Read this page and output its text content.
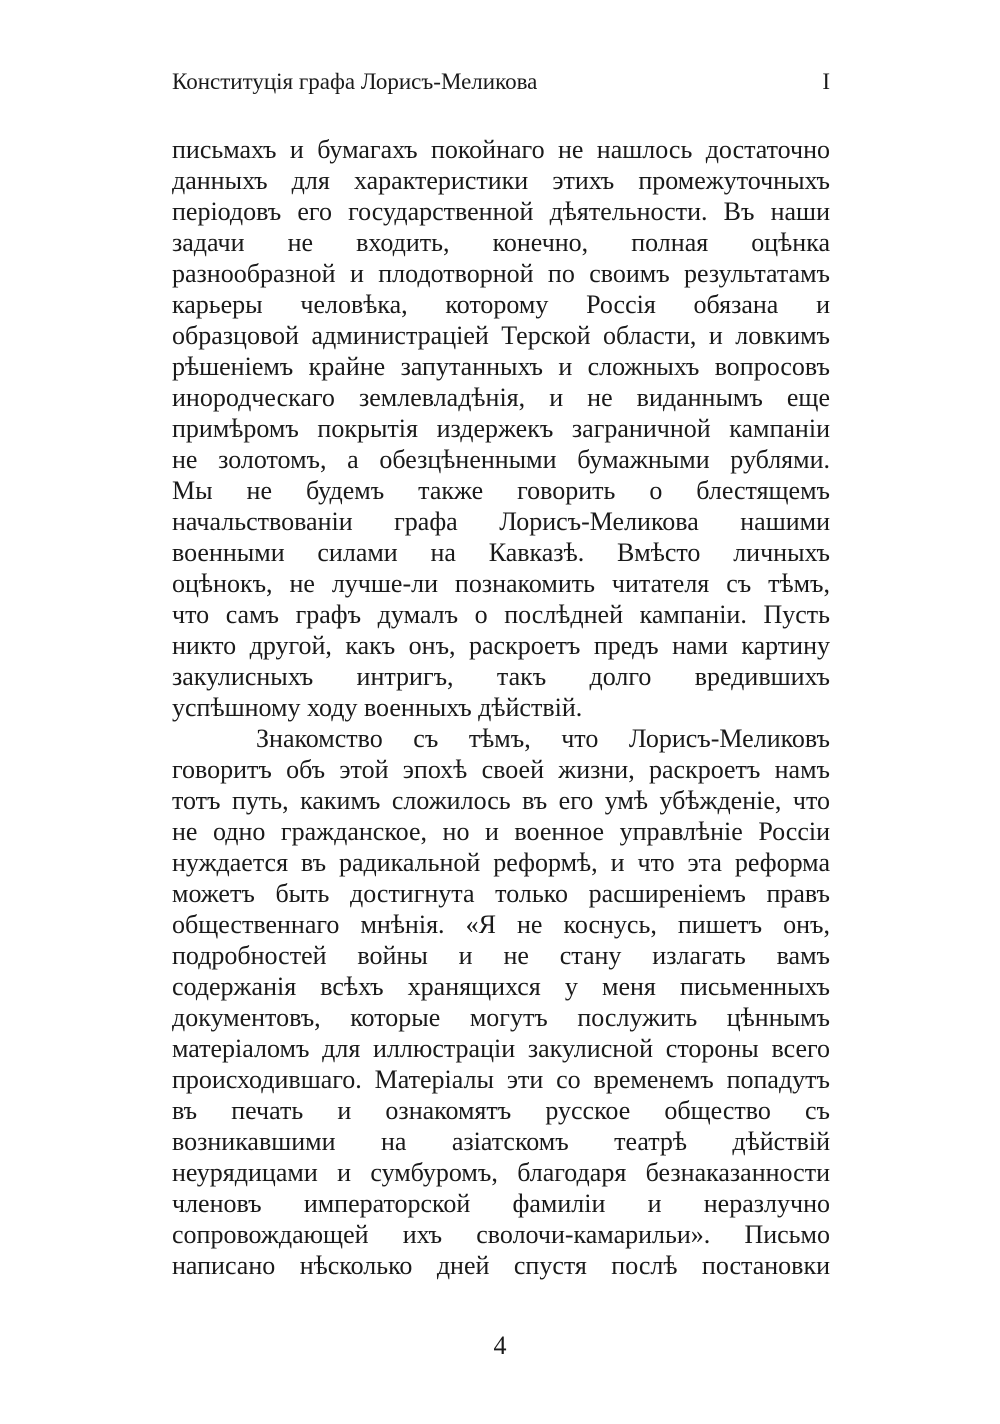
Конституція графа Лорисъ-Меликова	I
письмахъ и бумагахъ покойнаго не нашлось достаточно
данныхъ для характеристики этихъ промежуточныхъ
періодовъ его государственной дѣятельности. Въ наши
задачи не входить, конечно, полная оцѣнка
разнообразной и плодотворной по своимъ результатамъ
карьеры человѣка, которому Россія обязана и
образцовой администраціей Терской области, и ловкимъ
рѣшеніемъ крайне запутанныхъ и сложныхъ вопросовъ
инородческаго землевладѣнія, и не виданнымъ еще
примѣромъ покрытія издержекъ заграничной кампаніи
не золотомъ, а обезцѣненными бумажными рублями.
Мы не будемъ также говорить о блестящемъ
начальствованіи графа Лорисъ-Меликова нашими
военными силами на Кавказѣ. Вмѣсто личныхъ
оцѣнокъ, не лучше-ли познакомить читателя съ тѣмъ,
что самъ графъ думалъ о послѣдней кампаніи. Пусть
никто другой, какъ онъ, раскроетъ предъ нами картину
закулисныхъ интригъ, такъ долго вредившихъ
успѣшному ходу военныхъ дѣйствій.
Знакомство съ тѣмъ, что Лорисъ-Меликовъ
говоритъ объ этой эпохѣ своей жизни, раскроетъ намъ
тотъ путь, какимъ сложилось въ его умѣ убѣжденіе, что
не одно гражданское, но и военное управлѣніе Россіи
нуждается въ радикальной реформѣ, и что эта реформа
можетъ быть достигнута только расширеніемъ правъ
общественнаго мнѣнія. «Я не коснусь, пишетъ онъ,
подробностей войны и не стану излагать вамъ
содержанія всѣхъ хранящихся у меня письменныхъ
документовъ, которые могутъ послужить цѣннымъ
матеріаломъ для иллюстраціи закулисной стороны всего
происходившаго. Матеріалы эти со временемъ попадутъ
въ печать и ознакомятъ русское общество съ
возникавшими на азіатскомъ театрѣ дѣйствій
неурядицами и сумбуромъ, благодаря безнаказанности
членовъ императорской фамиліи и неразлучно
сопровождающей ихъ сволочи-камарильи». Письмо
написано нѣсколько дней спустя послѣ постановки
4
